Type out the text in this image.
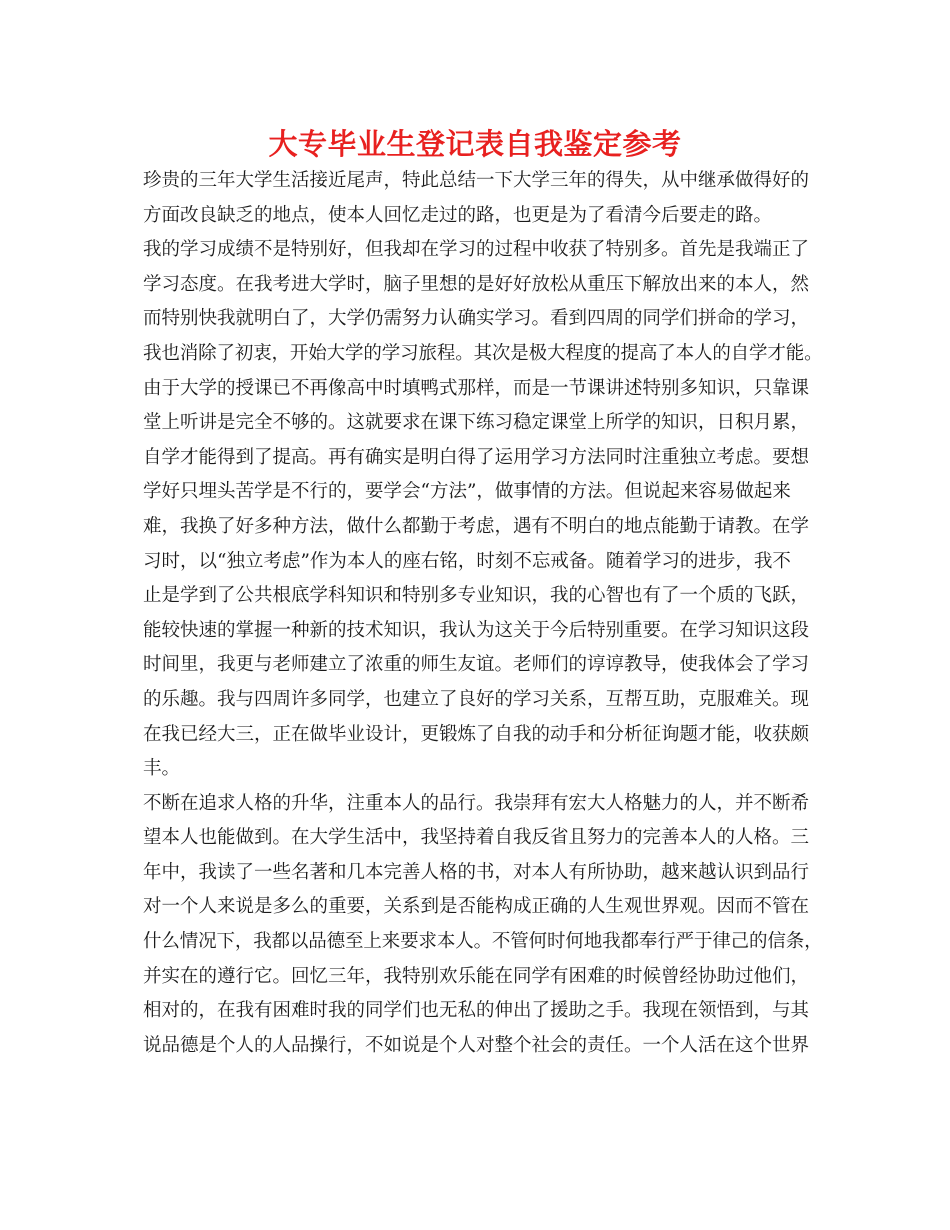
大专毕业生登记表自我鉴定参考
珍贵的三年大学生活接近尾声，特此总结一下大学三年的得失，从中继承做得好的
方面改良缺乏的地点，使本人回忆走过的路，也更是为了看清今后要走的路。
我的学习成绩不是特别好，但我却在学习的过程中收获了特别多。首先是我端正了
学习态度。在我考进大学时，脑子里想的是好好放松从重压下解放出来的本人，然
而特别快我就明白了，大学仍需努力认确实学习。看到四周的同学们拼命的学习，
我也消除了初衷，开始大学的学习旅程。其次是极大程度的提高了本人的自学才能。
由于大学的授课已不再像高中时填鸭式那样，而是一节课讲述特别多知识，只靠课
堂上听讲是完全不够的。这就要求在课下练习稳定课堂上所学的知识，日积月累，
自学才能得到了提高。再有确实是明白得了运用学习方法同时注重独立考虑。要想
学好只埋头苦学是不行的，要学会“方法”，做事情的方法。但说起来容易做起来
难，我换了好多种方法，做什么都勤于考虑，遇有不明白的地点能勤于请教。在学
习时，以“独立考虑”作为本人的座右铭，时刻不忘戒备。随着学习的进步，我不
止是学到了公共根底学科知识和特别多专业知识，我的心智也有了一个质的飞跃，
能较快速的掌握一种新的技术知识，我认为这关于今后特别重要。在学习知识这段
时间里，我更与老师建立了浓重的师生友谊。老师们的谆谆教导，使我体会了学习
的乐趣。我与四周许多同学，也建立了良好的学习关系，互帮互助，克服难关。现
在我已经大三，正在做毕业设计，更锻炼了自我的动手和分析征询题才能，收获颇
丰。
不断在追求人格的升华，注重本人的品行。我崇拜有宏大人格魅力的人，并不断希
望本人也能做到。在大学生活中，我坚持着自我反省且努力的完善本人的人格。三
年中，我读了一些名著和几本完善人格的书，对本人有所协助，越来越认识到品行
对一个人来说是多么的重要，关系到是否能构成正确的人生观世界观。因而不管在
什么情况下，我都以品德至上来要求本人。不管何时何地我都奉行严于律己的信条，
并实在的遵行它。回忆三年，我特别欢乐能在同学有困难的时候曾经协助过他们，
相对的，在我有困难时我的同学们也无私的伸出了援助之手。我现在领悟到，与其
说品德是个人的人品操行，不如说是个人对整个社会的责任。一个人活在这个世界
